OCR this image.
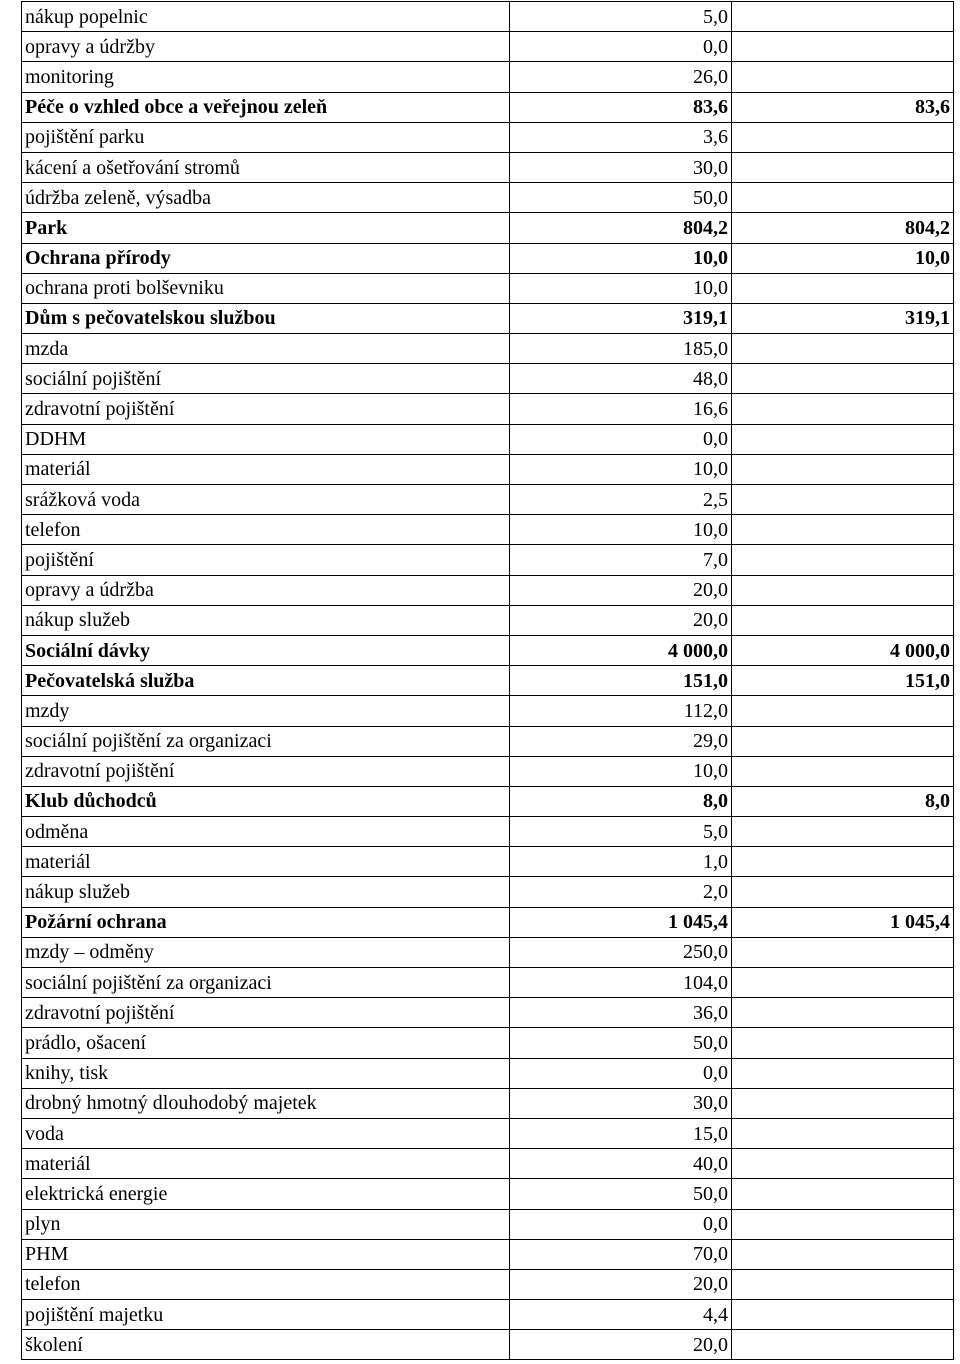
nákup popelnic	5,0	
opravy a údržby	0,0	
monitoring	26,0	
Péče o vzhled obce a veřejnou zeleň	83,6	83,6
pojištění parku	3,6	
kácení a ošetřování stromů	30,0	
údržba zeleně, výsadba	50,0	
Park	804,2	804,2
Ochrana přírody	10,0	10,0
ochrana proti bolševniku	10,0	
Dům s pečovatelskou službou	319,1	319,1
mzda	185,0	
sociální pojištění	48,0	
zdravotní pojištění	16,6	
DDHM	0,0	
materiál	10,0	
srážková voda	2,5	
telefon	10,0	
pojištění	7,0	
opravy a údržba	20,0	
nákup služeb	20,0	
Sociální dávky	4 000,0	4 000,0
Pečovatelská služba	151,0	151,0
mzdy	112,0	
sociální pojištění za organizaci	29,0	
zdravotní pojištění	10,0	
Klub důchodců	8,0	8,0
odměna	5,0	
materiál	1,0	
nákup služeb	2,0	
Požární ochrana	1 045,4	1 045,4
mzdy – odměny	250,0	
sociální pojištění za organizaci	104,0	
zdravotní pojištění	36,0	
prádlo, ošacení	50,0	
knihy, tisk	0,0	
drobný hmotný dlouhodobý majetek	30,0	
voda	15,0	
materiál	40,0	
elektrická energie	50,0	
plyn	0,0	
PHM	70,0	
telefon	20,0	
pojištění majetku	4,4	
školení	20,0	
